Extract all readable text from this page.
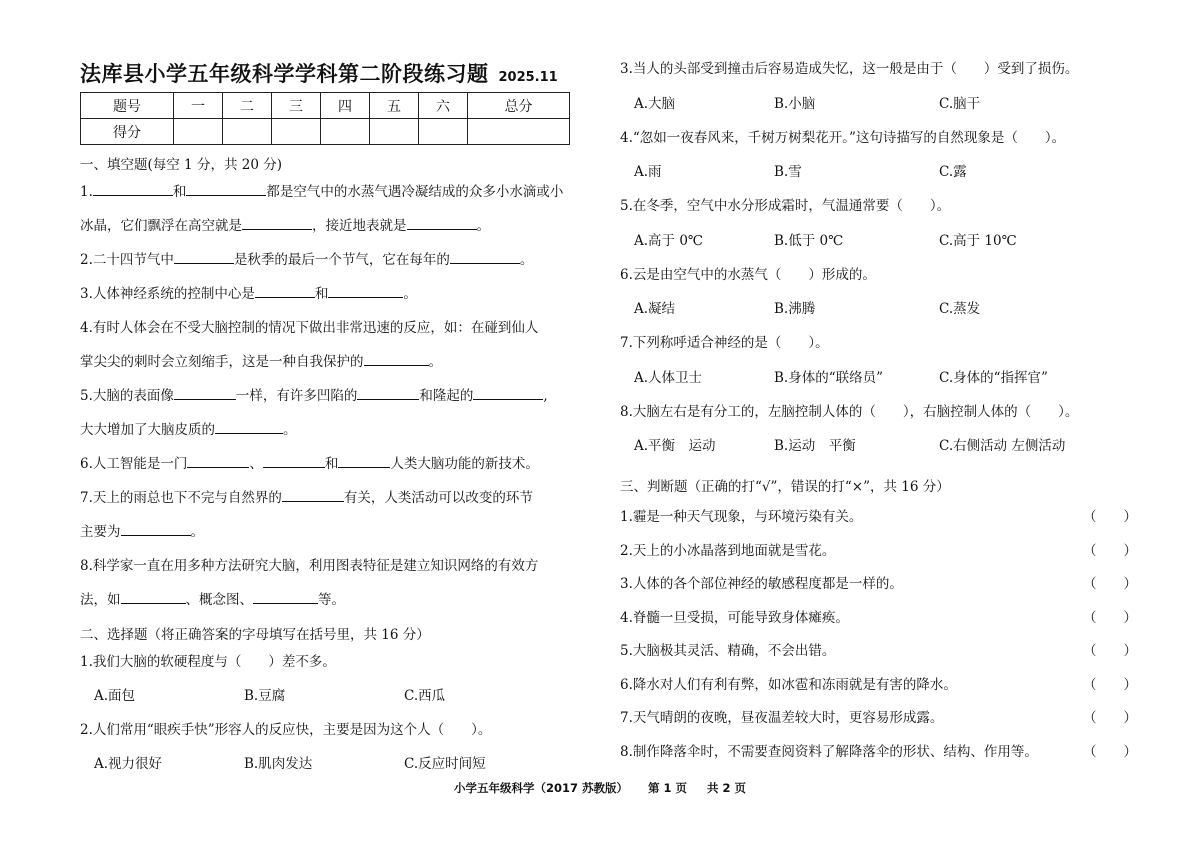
法库县小学五年级科学学科第二阶段练习题 2025.11
题号	一	二	三	四	五	六	总分
得分							
一、填空题(每空 1 分，共 20 分)
1.	和	都是空气中的水蒸气遇冷凝结成的众多小水滴或小
冰晶，它们飘浮在高空就是	，接近地表就是	。
2.二十四节气中	是秋季的最后一个节气，它在每年的	。
3.人体神经系统的控制中心是	和	。
4.有时人体会在不受大脑控制的情况下做出非常迅速的反应，如：在碰到仙人
掌尖尖的刺时会立刻缩手，这是一种自我保护的	。
5.大脑的表面像	一样，有许多凹陷的	和隆起的	,
大大增加了大脑皮质的	。
6.人工智能是一门	、	和	人类大脑功能的新技术。
7.天上的雨总也下不完与自然界的	有关，人类活动可以改变的环节
主要为	。
8.科学家一直在用多种方法研究大脑，利用图表特征是建立知识网络的有效方
法，如	、概念图、	等。
二、选择题（将正确答案的字母填写在括号里，共 16 分）
1.我们大脑的软硬程度与（　　）差不多。
A.面包	B.豆腐	C.西瓜
2.人们常用“眼疾手快”形容人的反应快，主要是因为这个人（　　）。
A.视力很好	B.肌肉发达	C.反应时间短
3.当人的头部受到撞击后容易造成失忆，这一般是由于（　　）受到了损伤。
A.大脑	B.小脑	C.脑干
4.“忽如一夜春风来，千树万树梨花开。”这句诗描写的自然现象是（　　）。
A.雨	B.雪	C.露
5.在冬季，空气中水分形成霜时，气温通常要（　　）。
A.高于 0℃	B.低于 0℃	C.高于 10℃
6.云是由空气中的水蒸气（　　）形成的。
A.凝结	B.沸腾	C.蒸发
7.下列称呼适合神经的是（　　）。
A.人体卫士	B.身体的“联络员”	C.身体的“指挥官”
8.大脑左右是有分工的，左脑控制人体的（　　），右脑控制人体的（　　）。
A.平衡　运动	B.运动　平衡	C.右侧活动 左侧活动
三、判断题（正确的打“√”，错误的打“×”，共 16 分）
1.霾是一种天气现象，与环境污染有关。	（　　）
2.天上的小冰晶落到地面就是雪花。	（　　）
3.人体的各个部位神经的敏感程度都是一样的。	（　　）
4.脊髓一旦受损，可能导致身体瘫痪。	（　　）
5.大脑极其灵活、精确，不会出错。	（　　）
6.降水对人们有利有弊，如冰雹和冻雨就是有害的降水。	（　　）
7.天气晴朗的夜晚，昼夜温差较大时，更容易形成露。	（　　）
8.制作降落伞时，不需要查阅资料了解降落伞的形状、结构、作用等。	（　　）
小学五年级科学（2017 苏教版） 第 1 页 共 2 页
